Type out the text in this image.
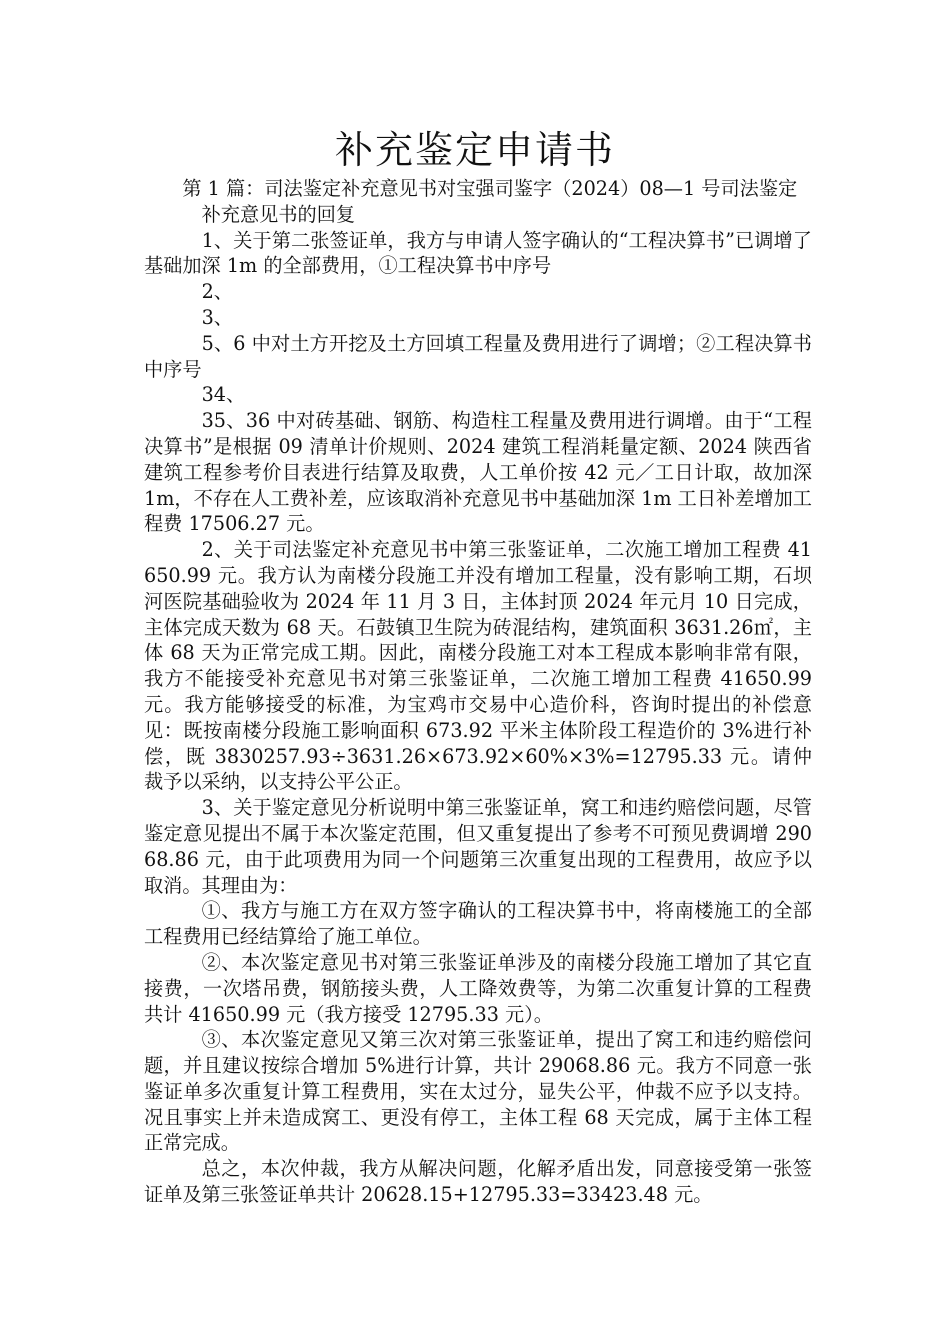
补充鉴定申请书

第 1 篇：司法鉴定补充意见书对宝强司鉴字（2024）08—1 号司法鉴定

补充意见书的回复

1、关于第二张签证单，我方与申请人签字确认的“工程决算书”已调增了基础加深 1m 的全部费用，①工程决算书中序号

2、

3、

5、6 中对土方开挖及土方回填工程量及费用进行了调增；②工程决算书中序号

34、

35、36 中对砖基础、钢筋、构造柱工程量及费用进行调增。由于“工程决算书”是根据 09 清单计价规则、2024 建筑工程消耗量定额、2024 陕西省建筑工程参考价目表进行结算及取费，人工单价按 42 元／工日计取，故加深 1m，不存在人工费补差，应该取消补充意见书中基础加深 1m 工日补差增加工程费 17506.27 元。

2、关于司法鉴定补充意见书中第三张鉴证单，二次施工增加工程费 41650.99 元。我方认为南楼分段施工并没有增加工程量，没有影响工期，石坝河医院基础验收为 2024 年 11 月 3 日，主体封顶 2024 年元月 10 日完成，主体完成天数为 68 天。石鼓镇卫生院为砖混结构，建筑面积 3631.26㎡，主体 68 天为正常完成工期。因此，南楼分段施工对本工程成本影响非常有限，我方不能接受补充意见书对第三张鉴证单，二次施工增加工程费 41650.99 元。我方能够接受的标准，为宝鸡市交易中心造价科，咨询时提出的补偿意见：既按南楼分段施工影响面积 673.92 平米主体阶段工程造价的 3%进行补偿，既 3830257.93÷3631.26×673.92×60%×3%=12795.33 元。请仲裁予以采纳，以支持公平公正。

3、关于鉴定意见分析说明中第三张鉴证单，窝工和违约赔偿问题，尽管鉴定意见提出不属于本次鉴定范围，但又重复提出了参考不可预见费调增 29068.86 元，由于此项费用为同一个问题第三次重复出现的工程费用，故应予以取消。其理由为：

①、我方与施工方在双方签字确认的工程决算书中，将南楼施工的全部工程费用已经结算给了施工单位。

②、本次鉴定意见书对第三张鉴证单涉及的南楼分段施工增加了其它直接费，一次塔吊费，钢筋接头费，人工降效费等，为第二次重复计算的工程费共计 41650.99 元（我方接受 12795.33 元）。

③、本次鉴定意见又第三次对第三张鉴证单，提出了窝工和违约赔偿问题，并且建议按综合增加 5%进行计算，共计 29068.86 元。我方不同意一张鉴证单多次重复计算工程费用，实在太过分，显失公平，仲裁不应予以支持。况且事实上并未造成窝工、更没有停工，主体工程 68 天完成，属于主体工程正常完成。

总之，本次仲裁，我方从解决问题，化解矛盾出发，同意接受第一张签证单及第三张签证单共计 20628.15+12795.33=33423.48 元。
